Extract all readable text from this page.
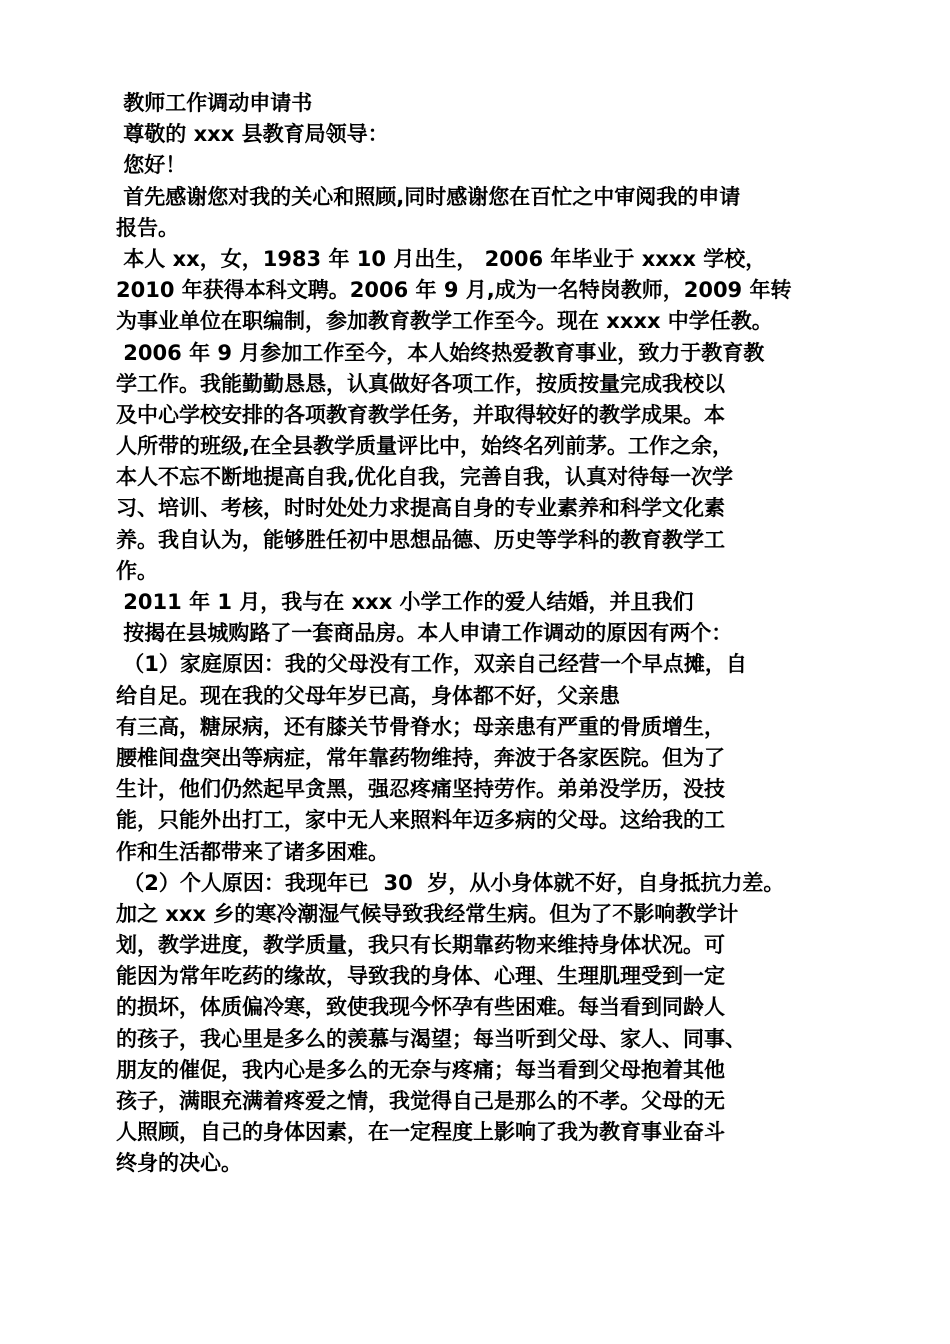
教师工作调动申请书
尊敬的 xxx 县教育局领导：
您好！
首先感谢您对我的关心和照顾,同时感谢您在百忙之中审阅我的申请
报告。
本人 xx，女，1983 年 10 月出生， 2006 年毕业于 xxxx 学校，
2010 年获得本科文聘。2006 年 9 月,成为一名特岗教师，2009 年转
为事业单位在职编制，参加教育教学工作至今。现在 xxxx 中学任教。
2006 年 9 月参加工作至今，本人始终热爱教育事业，致力于教育教
学工作。我能勤勤恳恳，认真做好各项工作，按质按量完成我校以
及中心学校安排的各项教育教学任务，并取得较好的教学成果。本
人所带的班级,在全县教学质量评比中，始终名列前茅。工作之余，
本人不忘不断地提高自我,优化自我，完善自我，认真对待每一次学
习、培训、考核，时时处处力求提高自身的专业素养和科学文化素
养。我自认为，能够胜任初中思想品德、历史等学科的教育教学工
作。
2011 年 1 月，我与在 xxx 小学工作的爱人结婚，并且我们
按揭在县城购路了一套商品房。本人申请工作调动的原因有两个：
（1）家庭原因：我的父母没有工作，双亲自己经营一个早点摊，自
给自足。现在我的父母年岁已高，身体都不好，父亲患
有三高，糖尿病，还有膝关节骨脊水；母亲患有严重的骨质增生，
腰椎间盘突出等病症，常年靠药物维持，奔波于各家医院。但为了
生计，他们仍然起早贪黑，强忍疼痛坚持劳作。弟弟没学历，没技
能，只能外出打工，家中无人来照料年迈多病的父母。这给我的工
作和生活都带来了诸多困难。
（2）个人原因：我现年已  30  岁，从小身体就不好，自身抵抗力差。
加之 xxx 乡的寒冷潮湿气候导致我经常生病。但为了不影响教学计
划，教学进度，教学质量，我只有长期靠药物来维持身体状况。可
能因为常年吃药的缘故，导致我的身体、心理、生理肌理受到一定
的损坏，体质偏冷寒，致使我现今怀孕有些困难。每当看到同龄人
的孩子，我心里是多么的羡慕与渴望；每当听到父母、家人、同事、
朋友的催促，我内心是多么的无奈与疼痛；每当看到父母抱着其他
孩子，满眼充满着疼爱之情，我觉得自己是那么的不孝。父母的无
人照顾，自己的身体因素，在一定程度上影响了我为教育事业奋斗
终身的决心。
